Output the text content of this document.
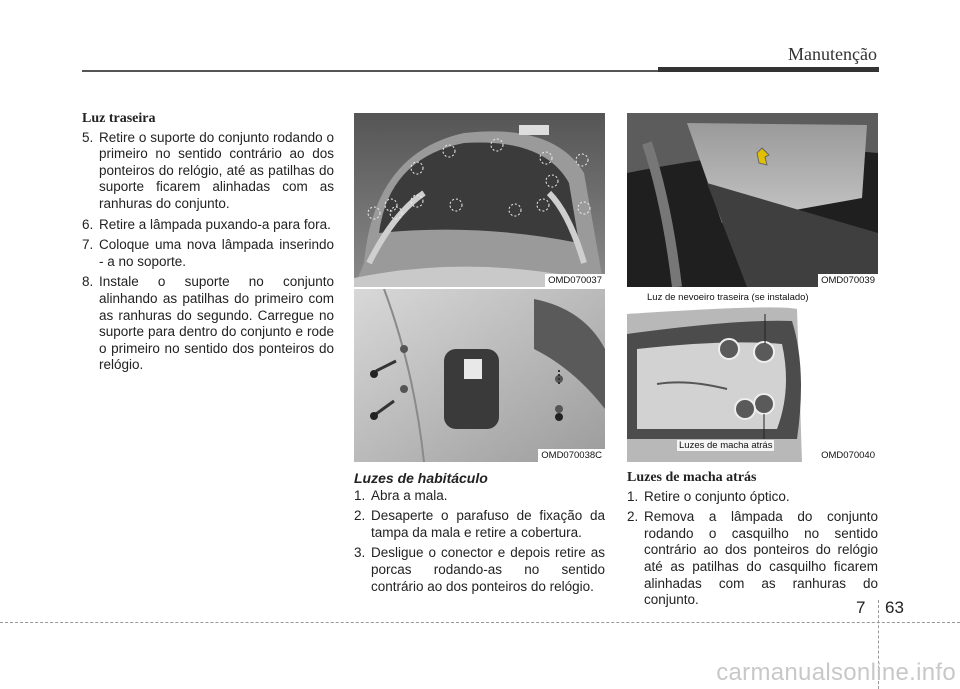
Manutenção
Luz traseira
5. Retire o suporte do conjunto rodando o primeiro no sentido contrário ao dos ponteiros do relógio, até as patilhas do suporte ficarem alinhadas com as ranhuras do conjunto.
6. Retire a lâmpada puxando-a para fora.
7. Coloque uma nova lâmpada inserindo - a no soporte.
8. Instale o suporte no conjunto alinhando as patilhas do primeiro com as ranhuras do segundo. Carregue no suporte para dentro do conjunto e rode o primeiro no sentido dos ponteiros do relógio.
OMD070037
OMD070038C
OMD070039
Luz de nevoeiro traseira (se instalado)
Luzes de macha atrás
OMD070040
Luzes de habitáculo
1. Abra a mala.
2. Desaperte o parafuso de fixação da tampa da mala e retire a cobertura.
3. Desligue o conector e depois retire as porcas rodando-as no sentido contrário ao dos ponteiros do relógio.
Luzes de macha atrás
1. Retire o conjunto óptico.
2. Remova a lâmpada do conjunto rodando o casquilho no sentido contrário ao dos ponteiros do relógio até as patilhas do casquilho ficarem alinhadas com as ranhuras do conjunto.	7 63
carmanualsonline.info
